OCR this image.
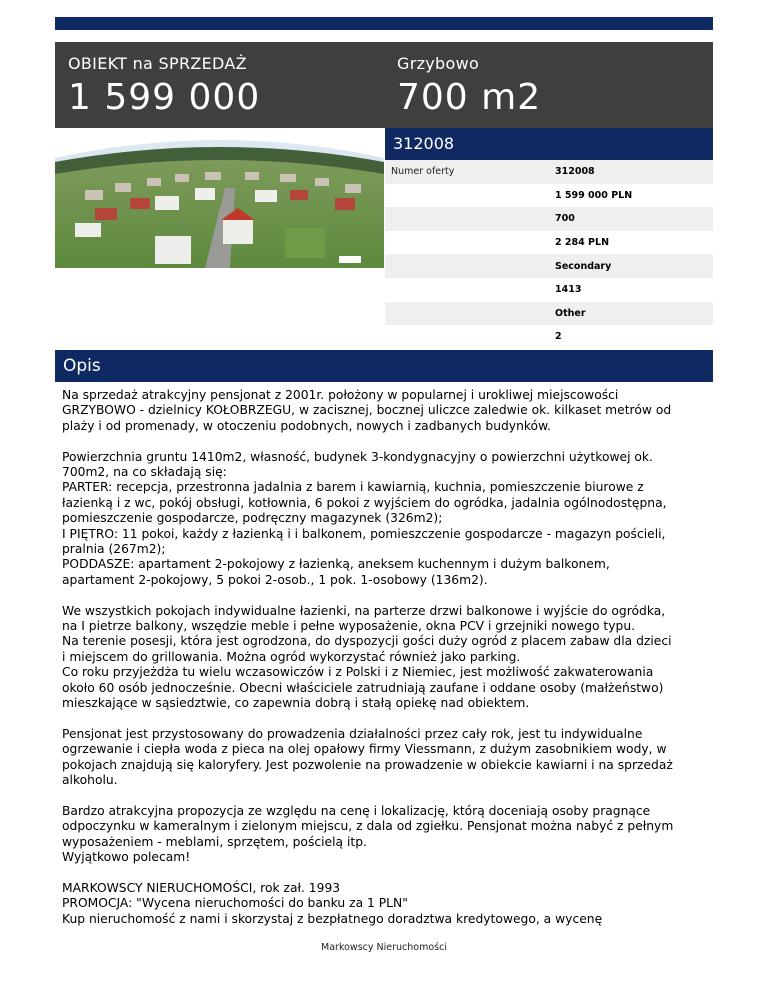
OBIEKT na SPRZEDAŻ
1 599 000
Grzybowo
700 m2
312008
Numer oferty	312008
1 599 000 PLN
700
2 284 PLN
Secondary
1413
Other
2
Opis

Na sprzedaż atrakcyjny pensjonat z 2001r. położony w popularnej i urokliwej miejscowości
GRZYBOWO - dzielnicy KOŁOBRZEGU, w zacisznej, bocznej uliczce zaledwie ok. kilkaset metrów od
plaży i od promenady, w otoczeniu podobnych, nowych i zadbanych budynków.

Powierzchnia gruntu 1410m2, własność, budynek 3-kondygnacyjny o powierzchni użytkowej ok.
700m2, na co składają się:
PARTER: recepcja, przestronna jadalnia z barem i kawiarnią, kuchnia, pomieszczenie biurowe z
łazienką i z wc, pokój obsługi, kotłownia, 6 pokoi z wyjściem do ogródka, jadalnia ogólnodostępna,
pomieszczenie gospodarcze, podręczny magazynek (326m2);
I PIĘTRO: 11 pokoi, każdy z łazienką i i balkonem, pomieszczenie gospodarcze - magazyn pościeli,
pralnia (267m2);
PODDASZE: apartament 2-pokojowy z łazienką, aneksem kuchennym i dużym balkonem,
apartament 2-pokojowy, 5 pokoi 2-osob., 1 pok. 1-osobowy (136m2).

We wszystkich pokojach indywidualne łazienki, na parterze drzwi balkonowe i wyjście do ogródka,
na I pietrze balkony, wszędzie meble i pełne wyposażenie, okna PCV i grzejniki nowego typu.
Na terenie posesji, która jest ogrodzona, do dyspozycji gości duży ogród z placem zabaw dla dzieci
i miejscem do grillowania. Można ogród wykorzystać również jako parking.
Co roku przyjeżdża tu wielu wczasowiczów i z Polski i z Niemiec, jest możliwość zakwaterowania
około 60 osób jednocześnie. Obecni właściciele zatrudniają zaufane i oddane osoby (małżeństwo)
mieszkające w sąsiedztwie, co zapewnia dobrą i stałą opiekę nad obiektem.

Pensjonat jest przystosowany do prowadzenia działalności przez cały rok, jest tu indywidualne
ogrzewanie i ciepła woda z pieca na olej opałowy firmy Viessmann, z dużym zasobnikiem wody, w
pokojach znajdują się kaloryfery. Jest pozwolenie na prowadzenie w obiekcie kawiarni i na sprzedaż
alkoholu.

Bardzo atrakcyjna propozycja ze względu na cenę i lokalizację, którą doceniają osoby pragnące
odpoczynku w kameralnym i zielonym miejscu, z dala od zgiełku. Pensjonat można nabyć z pełnym
wyposażeniem - meblami, sprzętem, pościelą itp.
Wyjątkowo polecam!

MARKOWSCY NIERUCHOMOŚCI, rok zał. 1993
PROMOCJA: "Wycena nieruchomości do banku za 1 PLN"
Kup nieruchomość z nami i skorzystaj z bezpłatnego doradztwa kredytowego, a wycenę

Markowscy Nieruchomości
